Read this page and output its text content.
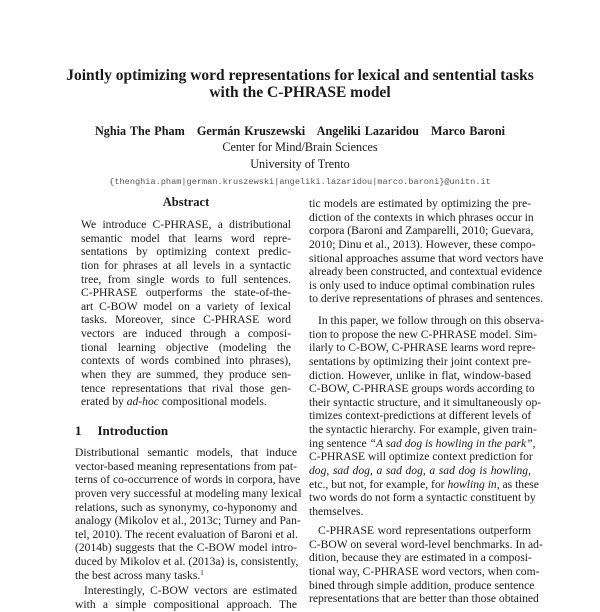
Jointly optimizing word representations for lexical and sentential tasks
with the C-PHRASE model
Nghia The Pham   Germán Kruszewski   Angeliki Lazaridou   Marco Baroni
Center for Mind/Brain Sciences
University of Trento
{thenghia.pham|german.kruszewski|angeliki.lazaridou|marco.baroni}@unitn.it
Abstract
We introduce C-PHRASE, a distributional
semantic model that learns word repre-
sentations by optimizing context predic-
tion for phrases at all levels in a syntactic
tree, from single words to full sentences.
C-PHRASE outperforms the state-of-the-
art C-BOW model on a variety of lexical
tasks. Moreover, since C-PHRASE word
vectors are induced through a composi-
tional learning objective (modeling the
contexts of words combined into phrases),
when they are summed, they produce sen-
tence representations that rival those gen-
erated by ad-hoc compositional models.
1 Introduction
Distributional semantic models, that induce
vector-based meaning representations from pat-
terns of co-occurrence of words in corpora, have
proven very successful at modeling many lexical
relations, such as synonymy, co-hyponomy and
analogy (Mikolov et al., 2013c; Turney and Pan-
tel, 2010). The recent evaluation of Baroni et al.
(2014b) suggests that the C-BOW model intro-
duced by Mikolov et al. (2013a) is, consistently,
the best across many tasks.$^1$
Interestingly, C-BOW vectors are estimated
with a simple compositional approach. The
tic models are estimated by optimizing the pre-
diction of the contexts in which phrases occur in
corpora (Baroni and Zamparelli, 2010; Guevara,
2010; Dinu et al., 2013). However, these compo-
sitional approaches assume that word vectors have
already been constructed, and contextual evidence
is only used to induce optimal combination rules
to derive representations of phrases and sentences.
In this paper, we follow through on this observa-
tion to propose the new C-PHRASE model. Sim-
ilarly to C-BOW, C-PHRASE learns word repre-
sentations by optimizing their joint context pre-
diction. However, unlike in flat, window-based
C-BOW, C-PHRASE groups words according to
their syntactic structure, and it simultaneously op-
timizes context-predictions at different levels of
the syntactic hierarchy. For example, given train-
ing sentence “A sad dog is howling in the park”,
C-PHRASE will optimize context prediction for
dog, sad dog, a sad dog, a sad dog is howling,
etc., but not, for example, for howling in, as these
two words do not form a syntactic constituent by
themselves.
C-PHRASE word representations outperform
C-BOW on several word-level benchmarks. In ad-
dition, because they are estimated in a composi-
tional way, C-PHRASE word vectors, when com-
bined through simple addition, produce sentence
representations that are better than those obtained
